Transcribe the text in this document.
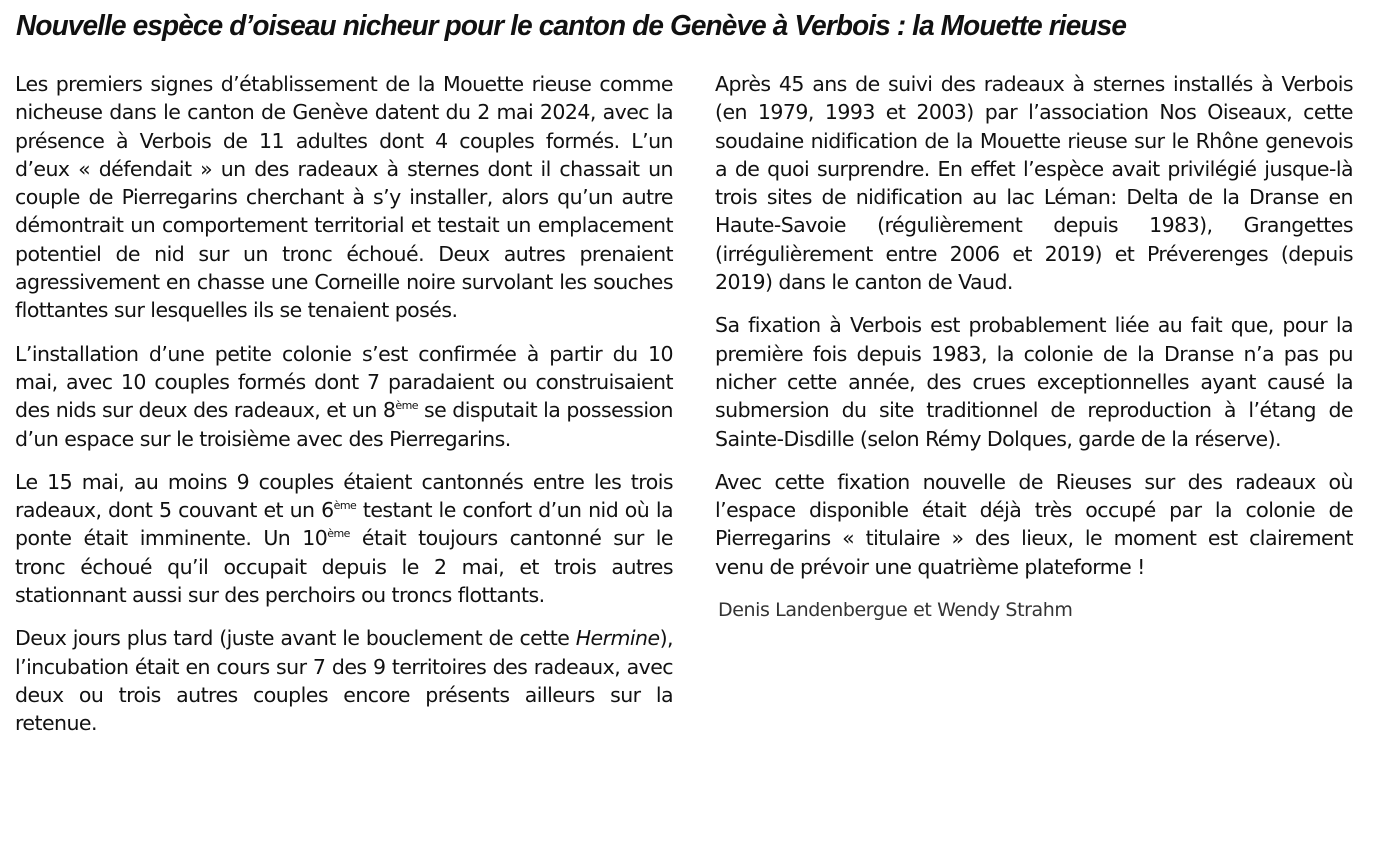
Nouvelle espèce d’oiseau nicheur pour le canton de Genève à Verbois : la Mouette rieuse

Les premiers signes d’établissement de la Mouette rieuse comme nicheuse dans le canton de Genève datent du 2 mai 2024, avec la présence à Verbois de 11 adultes dont 4 couples formés. L’un d’eux « défendait » un des radeaux à sternes dont il chassait un couple de Pierregarins cherchant à s’y installer, alors qu’un autre démontrait un comportement territorial et testait un emplacement potentiel de nid sur un tronc échoué. Deux autres prenaient agressivement en chasse une Corneille noire survolant les souches flottantes sur lesquelles ils se tenaient posés.

L’installation d’une petite colonie s’est confirmée à partir du 10 mai, avec 10 couples formés dont 7 paradaient ou construisaient des nids sur deux des radeaux, et un 8ème se disputait la possession d’un espace sur le troisième avec des Pierregarins.

Le 15 mai, au moins 9 couples étaient cantonnés entre les trois radeaux, dont 5 couvant et un 6ème testant le confort d’un nid où la ponte était imminente. Un 10ème était toujours cantonné sur le tronc échoué qu’il occupait depuis le 2 mai, et trois autres stationnant aussi sur des perchoirs ou troncs flottants.

Deux jours plus tard (juste avant le bouclement de cette Hermine), l’incubation était en cours sur 7 des 9 territoires des radeaux, avec deux ou trois autres couples encore présents ailleurs sur la retenue.

Après 45 ans de suivi des radeaux à sternes installés à Verbois (en 1979, 1993 et 2003) par l’association Nos Oiseaux, cette soudaine nidification de la Mouette rieuse sur le Rhône genevois a de quoi surprendre. En effet l’espèce avait privilégié jusque-là trois sites de nidification au lac Léman: Delta de la Dranse en Haute-Savoie (régulièrement depuis 1983), Grangettes (irrégulièrement entre 2006 et 2019) et Préverenges (depuis 2019) dans le canton de Vaud.

Sa fixation à Verbois est probablement liée au fait que, pour la première fois depuis 1983, la colonie de la Dranse n’a pas pu nicher cette année, des crues exceptionnelles ayant causé la submersion du site traditionnel de reproduction à l’étang de Sainte-Disdille (selon Rémy Dolques, garde de la réserve).

Avec cette fixation nouvelle de Rieuses sur des radeaux où l’espace disponible était déjà très occupé par la colonie de Pierregarins « titulaire » des lieux, le moment est clairement venu de prévoir une quatrième plateforme !

Denis Landenbergue et Wendy Strahm
